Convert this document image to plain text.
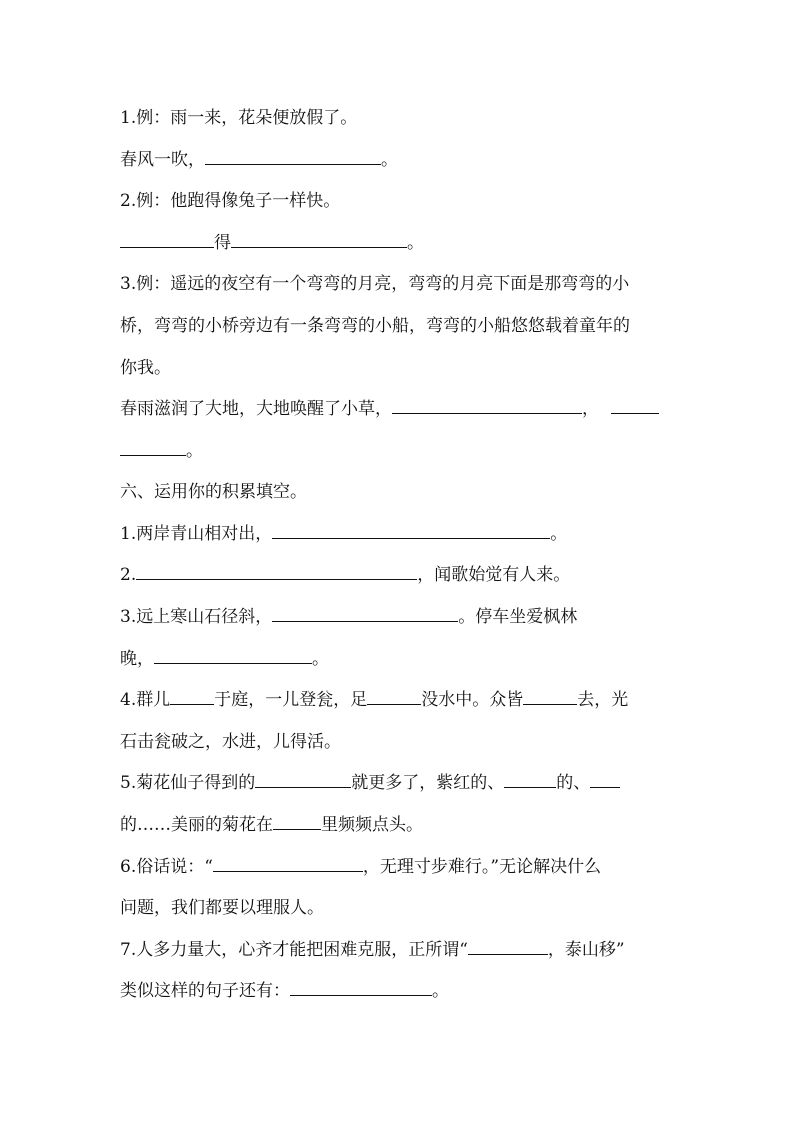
1.例：雨一来，花朵便放假了。
春风一吹，	。
2.例：他跑得像兔子一样快。
得	。
3.例：遥远的夜空有一个弯弯的月亮，弯弯的月亮下面是那弯弯的小
桥，弯弯的小桥旁边有一条弯弯的小船，弯弯的小船悠悠载着童年的
你我。
春雨滋润了大地，大地唤醒了小草，	，
。
六、运用你的积累填空。
1.两岸青山相对出，	。
2.	，闻歌始觉有人来。
3.远上寒山石径斜，	。停车坐爱枫林
晚，	。
4.群儿	于庭，一儿登瓮，足	没水中。众皆	去，光
石击瓮破之，水进，儿得活。
5.菊花仙子得到的	就更多了，紫红的、	的、
的……美丽的菊花在	里频频点头。
6.俗话说：“	，无理寸步难行。”无论解决什么
问题，我们都要以理服人。
7.人多力量大，心齐才能把困难克服，正所谓“	，泰山移”
类似这样的句子还有：	。
